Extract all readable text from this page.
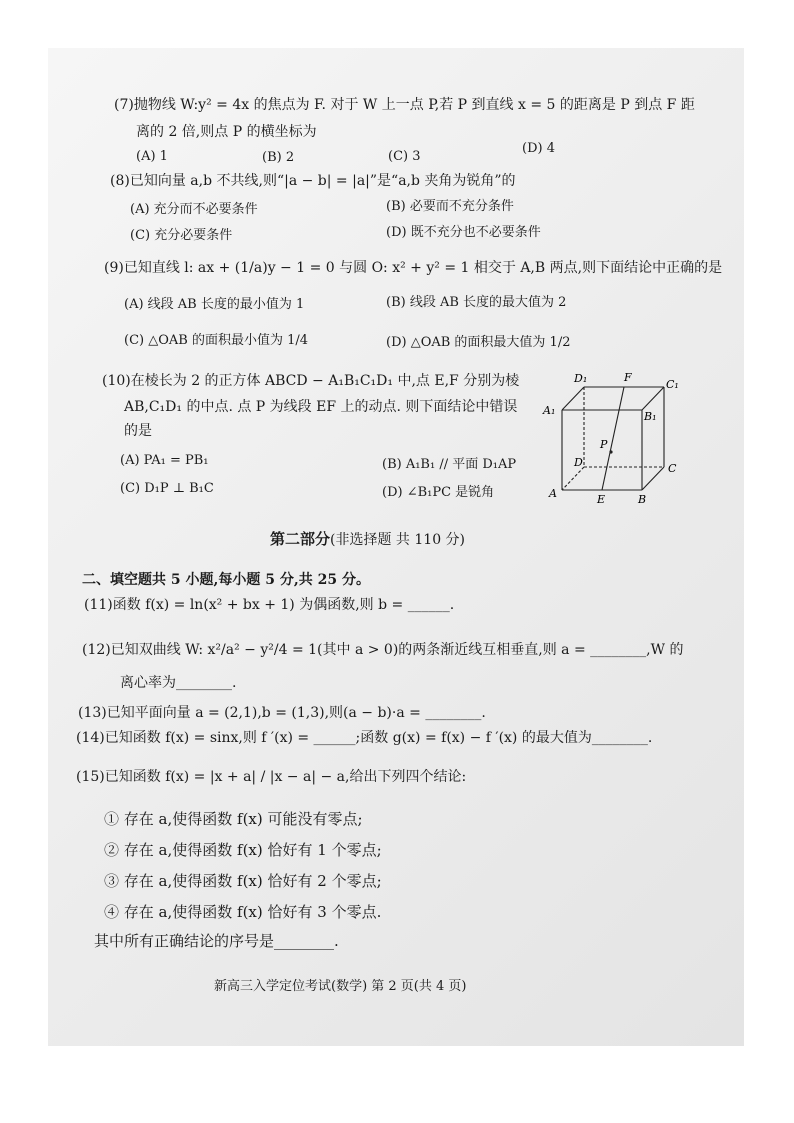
(7)抛物线 W:y² = 4x 的焦点为 F. 对于 W 上一点 P,若 P 到直线 x = 5 的距离是 P 到点 F 距
离的 2 倍,则点 P 的横坐标为
(A) 1	(B) 2	(C) 3
(D) 4
(8)已知向量 a,b 不共线,则“|a − b| = |a|”是“a,b 夹角为锐角”的
(A) 充分而不必要条件	(B) 必要而不充分条件
(C) 充分必要条件	(D) 既不充分也不必要条件
(9)已知直线 l: ax + (1/a)y − 1 = 0 与圆 O: x² + y² = 1 相交于 A,B 两点,则下面结论中正确的是
(A) 线段 AB 长度的最小值为 1	(B) 线段 AB 长度的最大值为 2
(C) △OAB 的面积最小值为 1/4	(D) △OAB 的面积最大值为 1/2
(10)在棱长为 2 的正方体 ABCD − A₁B₁C₁D₁ 中,点 E,F 分别为棱
AB,C₁D₁ 的中点. 点 P 为线段 EF 上的动点. 则下面结论中错误
的是
(A) PA₁ = PB₁	(B) A₁B₁ // 平面 D₁AP
(C) D₁P ⊥ B₁C	(D) ∠B₁PC 是锐角
D₁	F
C₁
A₁	B₁
P
D	C
A	E	B
第二部分(非选择题 共 110 分)
二、填空题共 5 小题,每小题 5 分,共 25 分。
(11)函数 f(x) = ln(x² + bx + 1) 为偶函数,则 b = ______.
(12)已知双曲线 W: x²/a² − y²/4 = 1(其中 a > 0)的两条渐近线互相垂直,则 a = ________,W 的
离心率为________.
(13)已知平面向量 a = (2,1),b = (1,3),则(a − b)·a = ________.
(14)已知函数 f(x) = sinx,则 f ′(x) = ______;函数 g(x) = f(x) − f ′(x) 的最大值为________.
(15)已知函数 f(x) = |x + a| / |x − a| − a,给出下列四个结论:
① 存在 a,使得函数 f(x) 可能没有零点;
② 存在 a,使得函数 f(x) 恰好有 1 个零点;
③ 存在 a,使得函数 f(x) 恰好有 2 个零点;
④ 存在 a,使得函数 f(x) 恰好有 3 个零点.
其中所有正确结论的序号是________.
新高三入学定位考试(数学) 第 2 页(共 4 页)
